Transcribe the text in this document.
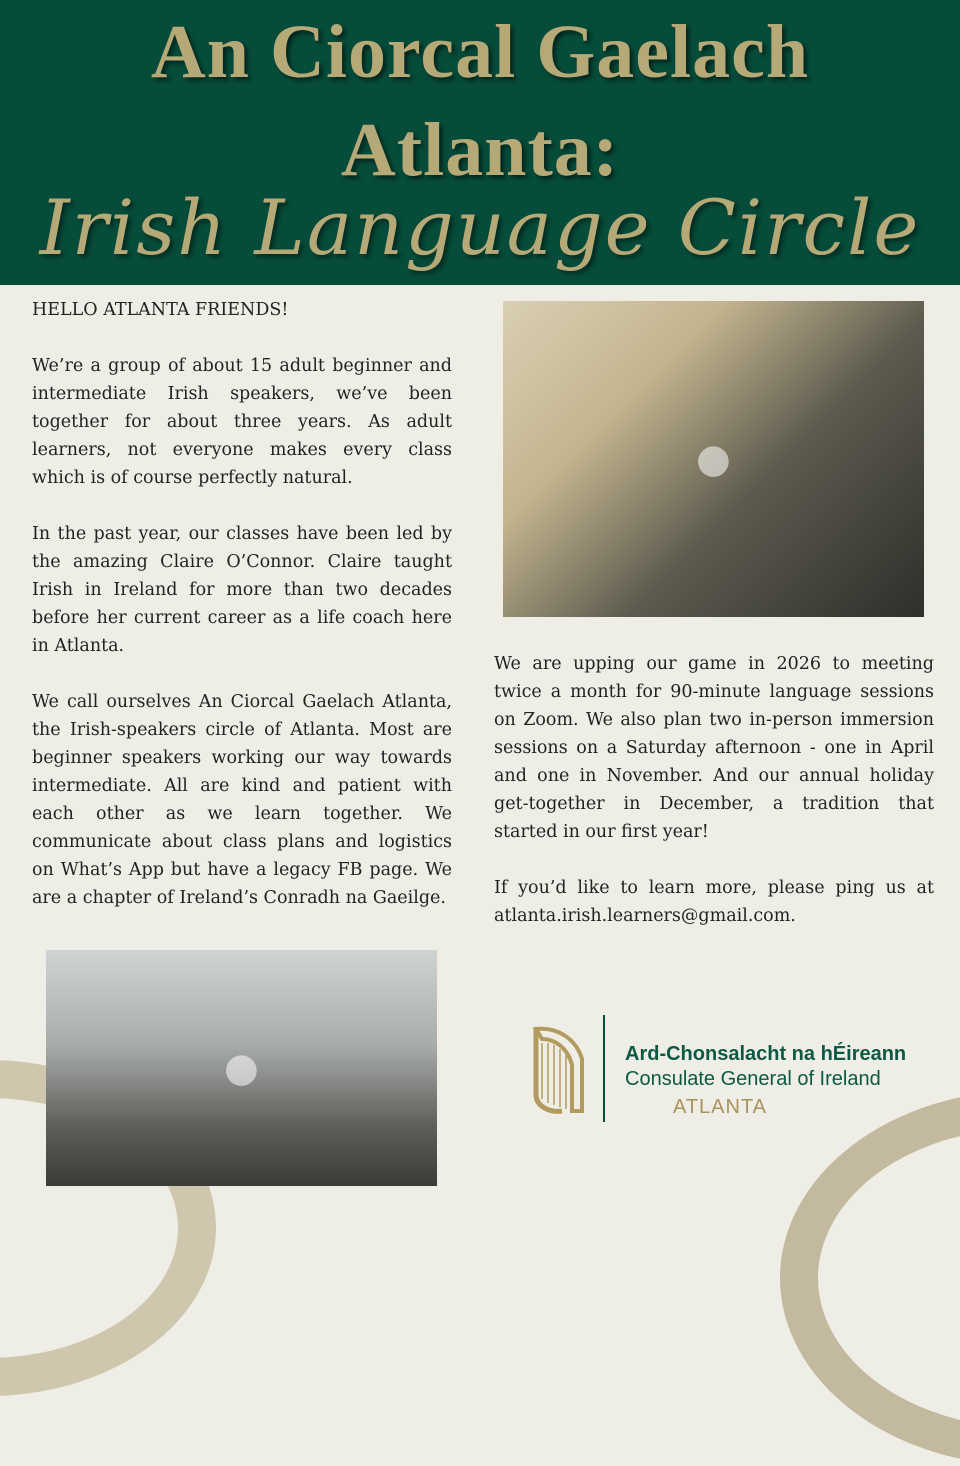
An Ciorcal Gaelach
Atlanta:
Irish Language Circle

HELLO ATLANTA FRIENDS!

We’re a group of about 15 adult beginner and intermediate Irish speakers, we’ve been together for about three years. As adult learners, not everyone makes every class which is of course perfectly natural.

In the past year, our classes have been led by the amazing Claire O’Connor. Claire taught Irish in Ireland for more than two decades before her current career as a life coach here in Atlanta.

We call ourselves An Ciorcal Gaelach Atlanta, the Irish-speakers circle of Atlanta. Most are beginner speakers working our way towards intermediate. All are kind and patient with each other as we learn together. We communicate about class plans and logistics on What’s App but have a legacy FB page. We are a chapter of Ireland’s Conradh na Gaeilge.

●

We are upping our game in 2026 to meeting twice a month for 90-minute language sessions on Zoom. We also plan two in-person immersion sessions on a Saturday afternoon - one in April and one in November. And our annual holiday get-together in December, a tradition that started in our first year!

If you’d like to learn more, please ping us at atlanta.irish.learners@gmail.com.

●	Ard-Chonsalacht na hÉireann
Consulate General of Ireland
ATLANTA
